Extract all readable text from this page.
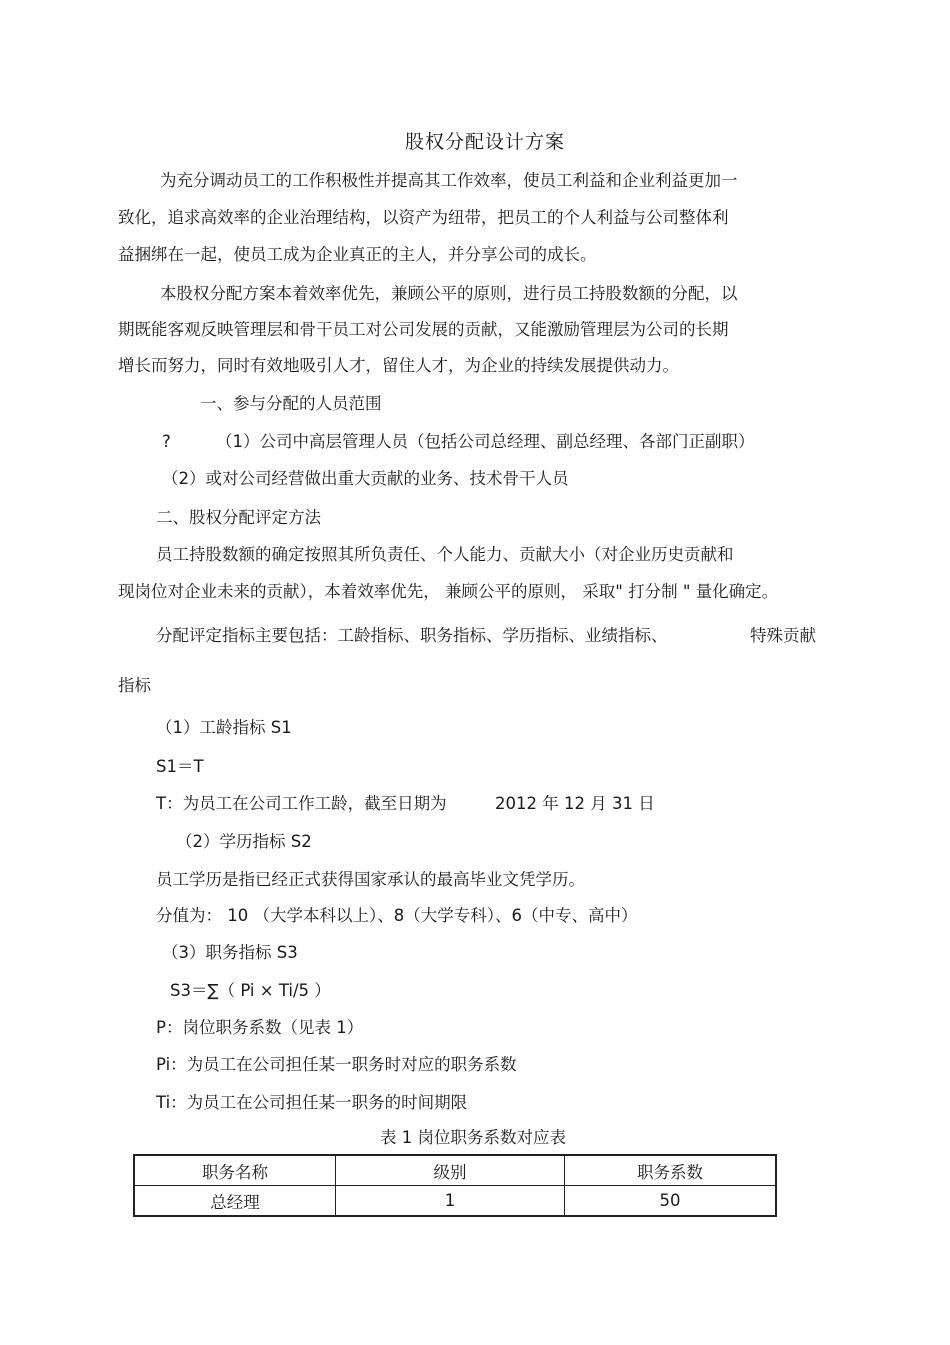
股权分配设计方案
为充分调动员工的工作积极性并提高其工作效率，使员工利益和企业利益更加一
致化，追求高效率的企业治理结构，以资产为纽带，把员工的个人利益与公司整体利
益捆绑在一起，使员工成为企业真正的主人，并分享公司的成长。
本股权分配方案本着效率优先，兼顾公平的原则，进行员工持股数额的分配，以
期既能客观反映管理层和骨干员工对公司发展的贡献，又能激励管理层为公司的长期
增长而努力，同时有效地吸引人才，留住人才，为企业的持续发展提供动力。
一、参与分配的人员范围
?	（1）公司中高层管理人员（包括公司总经理、副总经理、各部门正副职）
（2）或对公司经营做出重大贡献的业务、技术骨干人员
二、股权分配评定方法
员工持股数额的确定按照其所负责任、个人能力、贡献大小（对企业历史贡献和
现岗位对企业未来的贡献），本着效率优先， 兼顾公平的原则， 采取" 打分制 " 量化确定。
分配评定指标主要包括：工龄指标、职务指标、学历指标、业绩指标、	特殊贡献
指标
（1）工龄指标 S1
S1＝T
T：为员工在公司工作工龄，截至日期为	2012 年 12 月 31 日
（2）学历指标 S2
员工学历是指已经正式获得国家承认的最高毕业文凭学历。
分值为： 10 （大学本科以上）、8（大学专科）、6（中专、高中）
（3）职务指标 S3
S3＝∑（ Pi × Ti/5 ）
P：岗位职务系数（见表 1）
Pi：为员工在公司担任某一职务时对应的职务系数
Ti：为员工在公司担任某一职务的时间期限
表 1 岗位职务系数对应表
职务名称	级别	职务系数
总经理	1	50
